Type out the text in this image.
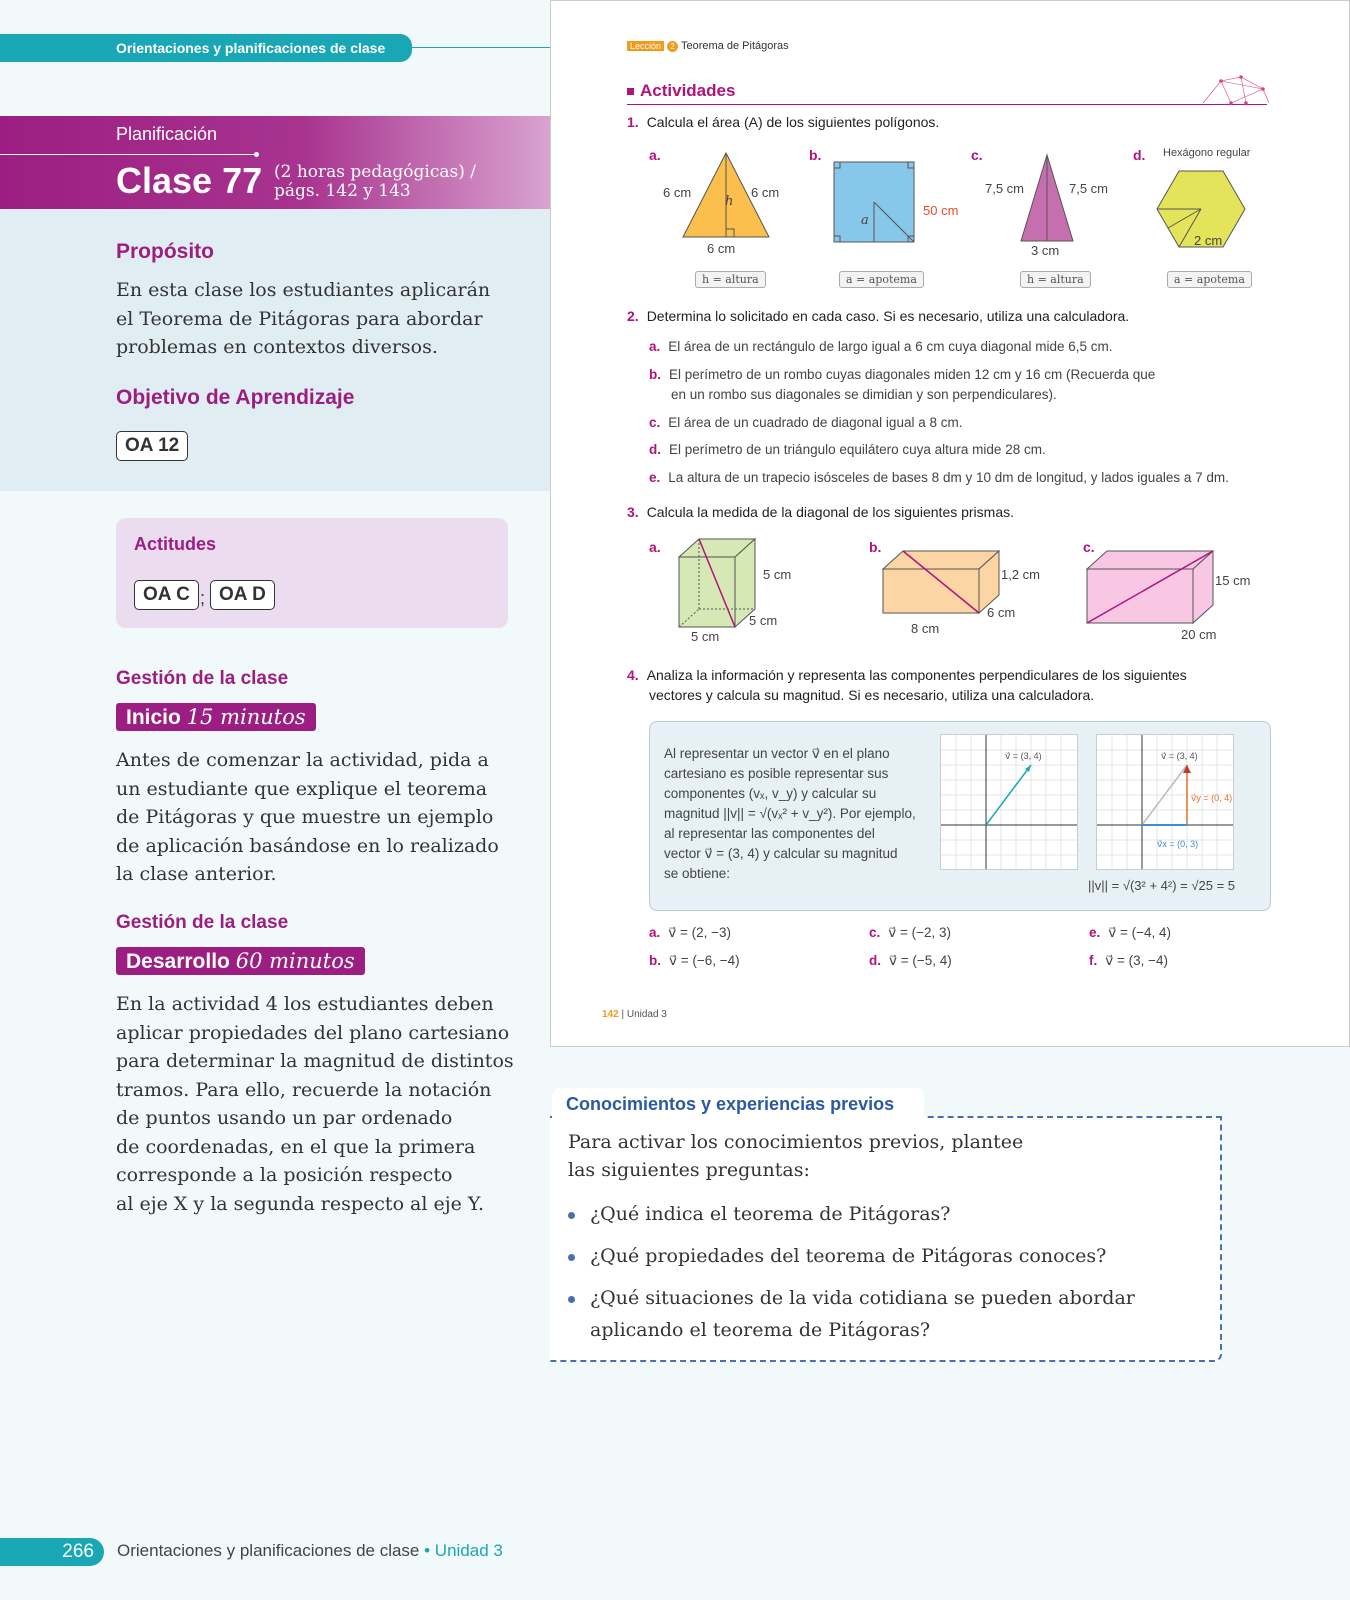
Orientaciones y planificaciones de clase
Planificación
Clase 77 (2 horas pedagógicas) /
págs. 142 y 143
Propósito
En esta clase los estudiantes aplicarán
el Teorema de Pitágoras para abordar
problemas en contextos diversos.
Objetivo de Aprendizaje
OA 12
Actitudes
OA C ; OA D
Gestión de la clase
Inicio 15 minutos
Antes de comenzar la actividad, pida a
un estudiante que explique el teorema
de Pitágoras y que muestre un ejemplo
de aplicación basándose en lo realizado
la clase anterior.
Gestión de la clase
Desarrollo 60 minutos
En la actividad 4 los estudiantes deben
aplicar propiedades del plano cartesiano
para determinar la magnitud de distintos
tramos. Para ello, recuerde la notación
de puntos usando un par ordenado
de coordenadas, en el que la primera
corresponde a la posición respecto
al eje X y la segunda respecto al eje Y.
Lección 2 Teorema de Pitágoras
Actividades
1. Calcula el área (A) de los siguientes polígonos.
a.
6 cm	6 cm
6 cm
h
h = altura
b.
50 cm
a
a = apotema
c.
7,5 cm	7,5 cm
3 cm
h = altura
d. Hexágono regular
2 cm
a = apotema
2. Determina lo solicitado en cada caso. Si es necesario, utiliza una calculadora.
a. El área de un rectángulo de largo igual a 6 cm cuya diagonal mide 6,5 cm.
b. El perímetro de un rombo cuyas diagonales miden 12 cm y 16 cm (Recuerda que
en un rombo sus diagonales se dimidian y son perpendiculares).
c. El área de un cuadrado de diagonal igual a 8 cm.
d. El perímetro de un triángulo equilátero cuya altura mide 28 cm.
e. La altura de un trapecio isósceles de bases 8 dm y 10 dm de longitud, y lados iguales a 7 dm.
3. Calcula la medida de la diagonal de los siguientes prismas.
a.
5 cm
5 cm
5 cm
b.
1,2 cm
6 cm
8 cm
c.
15 cm
20 cm
4. Analiza la información y representa las componentes perpendiculares de los siguientes
vectores y calcula su magnitud. Si es necesario, utiliza una calculadora.
Al representar un vector v⃗ en el plano
cartesiano es posible representar sus
componentes (vₓ, v_y) y calcular su
magnitud ||v|| = √(vₓ² + v_y²). Por ejemplo,
al representar las componentes del
vector v⃗ = (3, 4) y calcular su magnitud
se obtiene:
v⃗ = (3, 4)	v⃗ = (3, 4)
v⃗y = (0, 4)
v⃗x = (0, 3)
||v|| = √(3² + 4²) = √25 = 5
a. v⃗ = (2, −3)	c. v⃗ = (−2, 3)	e. v⃗ = (−4, 4)
b. v⃗ = (−6, −4)	d. v⃗ = (−5, 4)	f. v⃗ = (3, −4)
142 | Unidad 3
Para activar los conocimientos previos, plantee
las siguientes preguntas:
¿Qué indica el teorema de Pitágoras?
¿Qué propiedades del teorema de Pitágoras conoces?
¿Qué situaciones de la vida cotidiana se pueden abordar aplicando el teorema de Pitágoras?
Conocimientos y experiencias previos
266	Orientaciones y planificaciones de clase • Unidad 3
